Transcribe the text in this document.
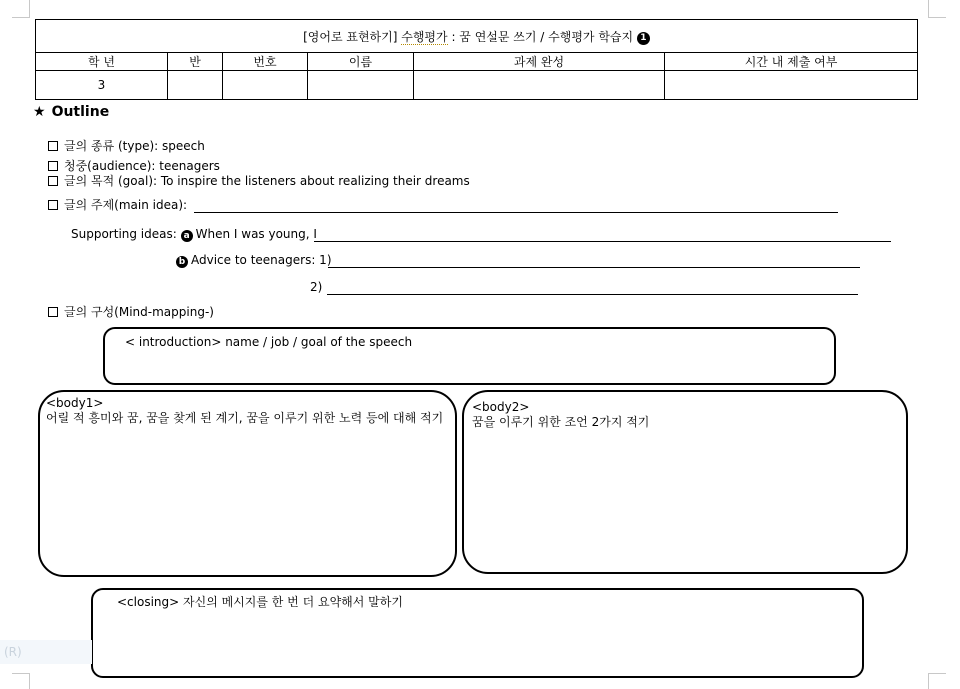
[영어로 표현하기] 수행평가 : 꿈 연설문 쓰기 / 수행평가 학습지 1					
학 년	반	번호	이름	과제 완성	시간 내 제출 여부
3					
★ Outline
글의 종류 (type): speech
청중(audience): teenagers
글의 목적 (goal): To inspire the listeners about realizing their dreams
글의 주제(main idea):
Supporting ideas: a When I was young, I
b Advice to teenagers: 1)
2)
글의 구성(Mind-mapping-)
< introduction> name / job / goal of the speech
<body1>
어릴 적 흥미와 꿈, 꿈을 찾게 된 계기, 꿈을 이루기 위한 노력 등에 대해 적기
<body2>
꿈을 이루기 위한 조언 2가지 적기
<closing> 자신의 메시지를 한 번 더 요약해서 말하기
(R)
